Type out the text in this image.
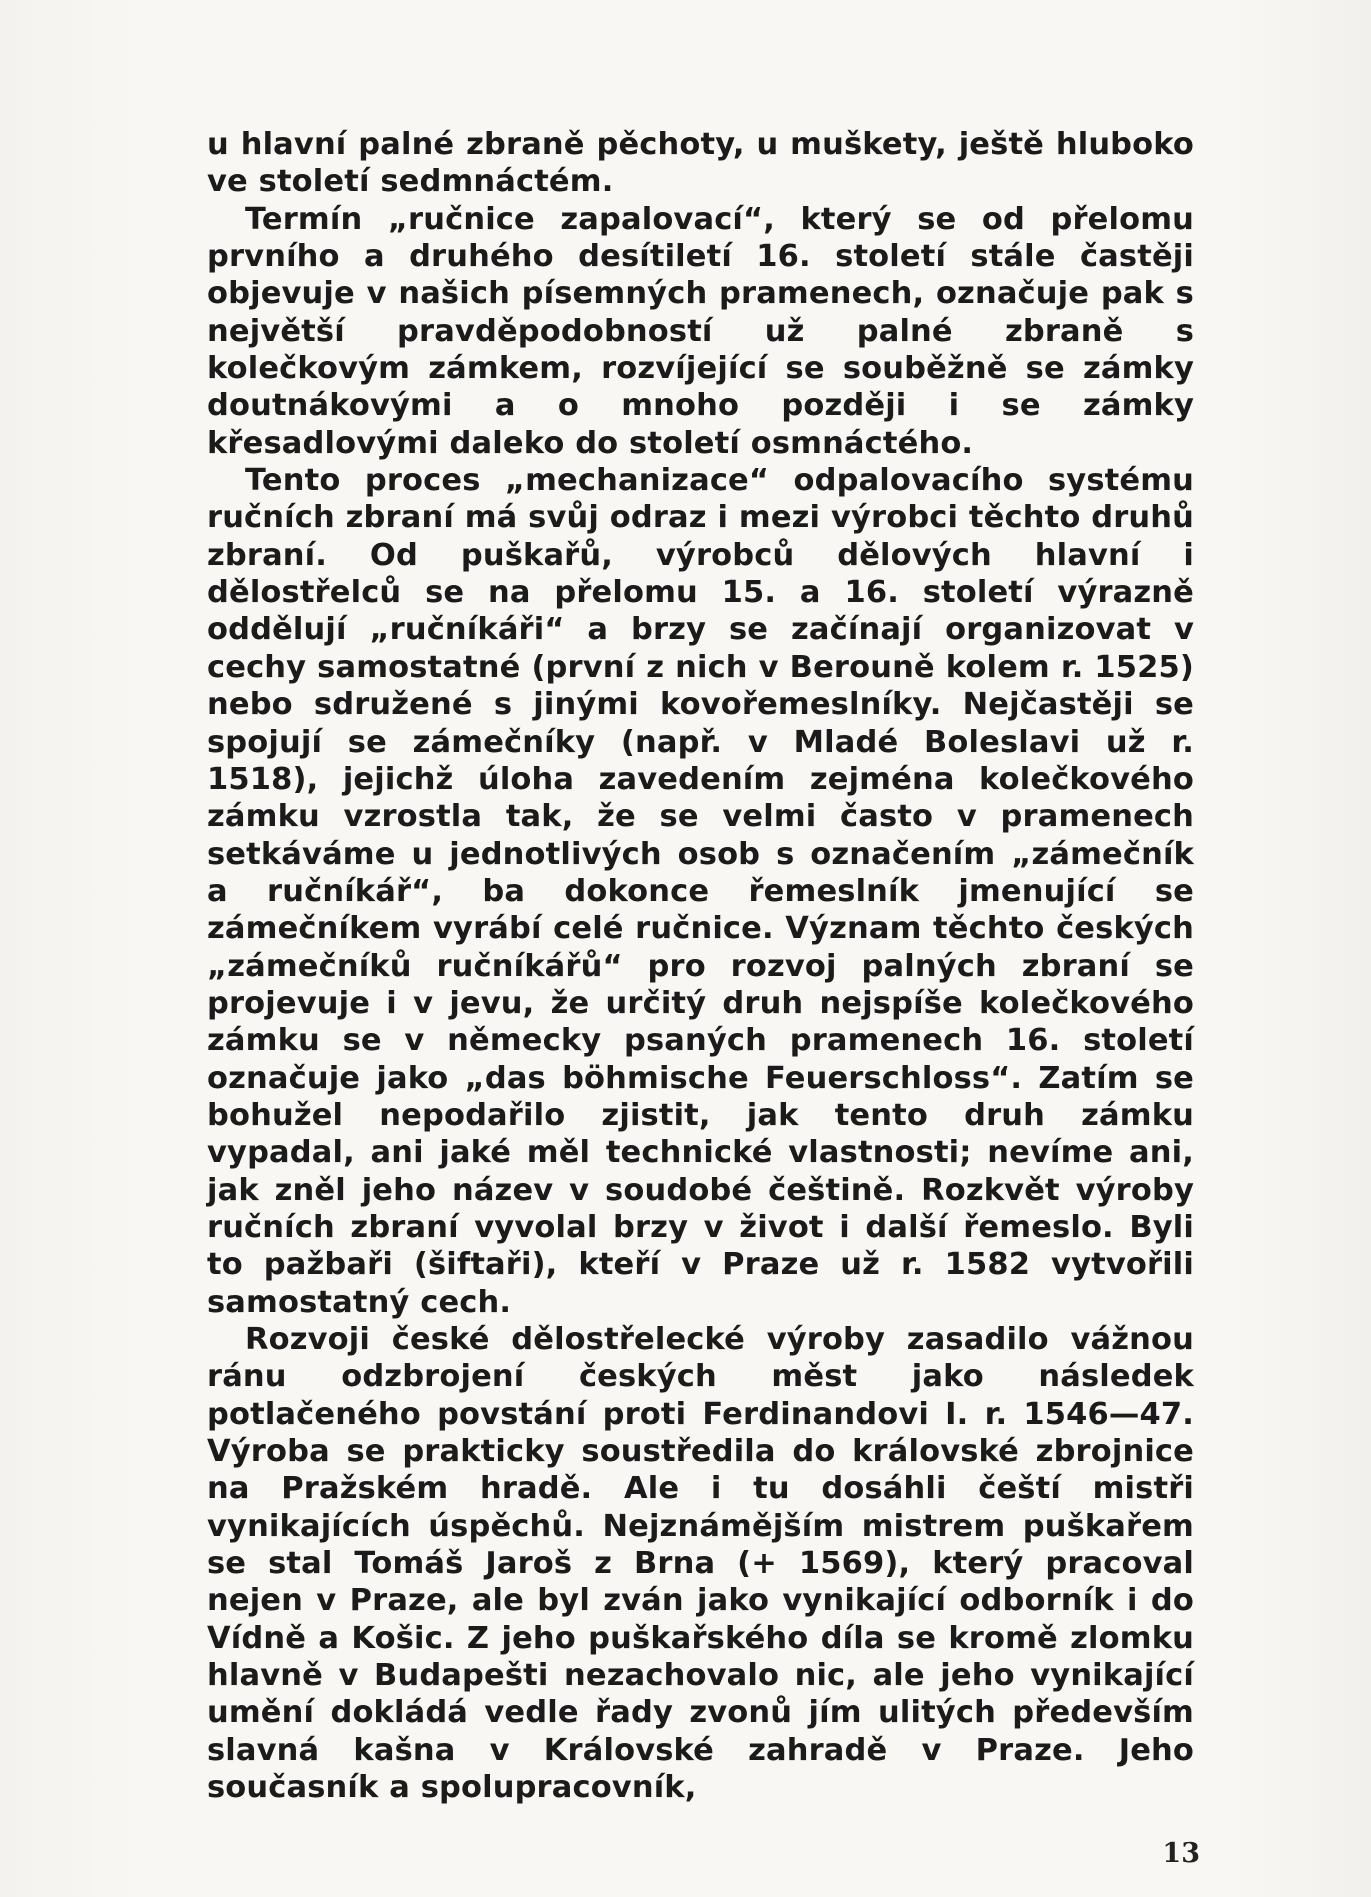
u hlavní palné zbraně pěchoty, u muškety, ještě hluboko ve století sedmnáctém.

Termín „ručnice zapalovací“, který se od přelomu prvního a druhého desítiletí 16. století stále častěji objevuje v našich písemných pramenech, označuje pak s největší pravděpodobností už palné zbraně s kolečkovým zámkem, rozvíjející se souběžně se zámky doutnákovými a o mnoho později i se zámky křesadlovými daleko do století osmnáctého.

Tento proces „mechanizace“ odpalovacího systému ručních zbraní má svůj odraz i mezi výrobci těchto druhů zbraní. Od puškařů, výrobců dělových hlavní i dělostřelců se na přelomu 15. a 16. století výrazně oddělují „ručníkáři“ a brzy se začínají organizovat v cechy samostatné (první z nich v Berouně kolem r. 1525) nebo sdružené s jinými kovořemeslníky. Nejčastěji se spojují se zámečníky (např. v Mladé Boleslavi už r. 1518), jejichž úloha zavedením zejména kolečkového zámku vzrostla tak, že se velmi často v pramenech setkáváme u jednotlivých osob s označením „zámečník a ručníkář“, ba dokonce řemeslník jmenující se zámečníkem vyrábí celé ručnice. Význam těchto českých „zámečníků ručníkářů“ pro rozvoj palných zbraní se projevuje i v jevu, že určitý druh nejspíše kolečkového zámku se v německy psaných pramenech 16. století označuje jako „das böhmische Feuerschloss“. Zatím se bohužel nepodařilo zjistit, jak tento druh zámku vypadal, ani jaké měl technické vlastnosti; nevíme ani, jak zněl jeho název v soudobé češtině. Rozkvět výroby ručních zbraní vyvolal brzy v život i další řemeslo. Byli to pažbaři (šiftaři), kteří v Praze už r. 1582 vytvořili samostatný cech.

Rozvoji české dělostřelecké výroby zasadilo vážnou ránu odzbrojení českých měst jako následek potlačeného povstání proti Ferdinandovi I. r. 1546—47. Výroba se prakticky soustředila do královské zbrojnice na Pražském hradě. Ale i tu dosáhli čeští mistři vynikajících úspěchů. Nejznámějším mistrem puškařem se stal Tomáš Jaroš z Brna (+ 1569), který pracoval nejen v Praze, ale byl zván jako vynikající odborník i do Vídně a Košic. Z jeho puškařského díla se kromě zlomku hlavně v Budapešti nezachovalo nic, ale jeho vynikající umění dokládá vedle řady zvonů jím ulitých především slavná kašna v Královské zahradě v Praze. Jeho současník a spolupracovník,

13
